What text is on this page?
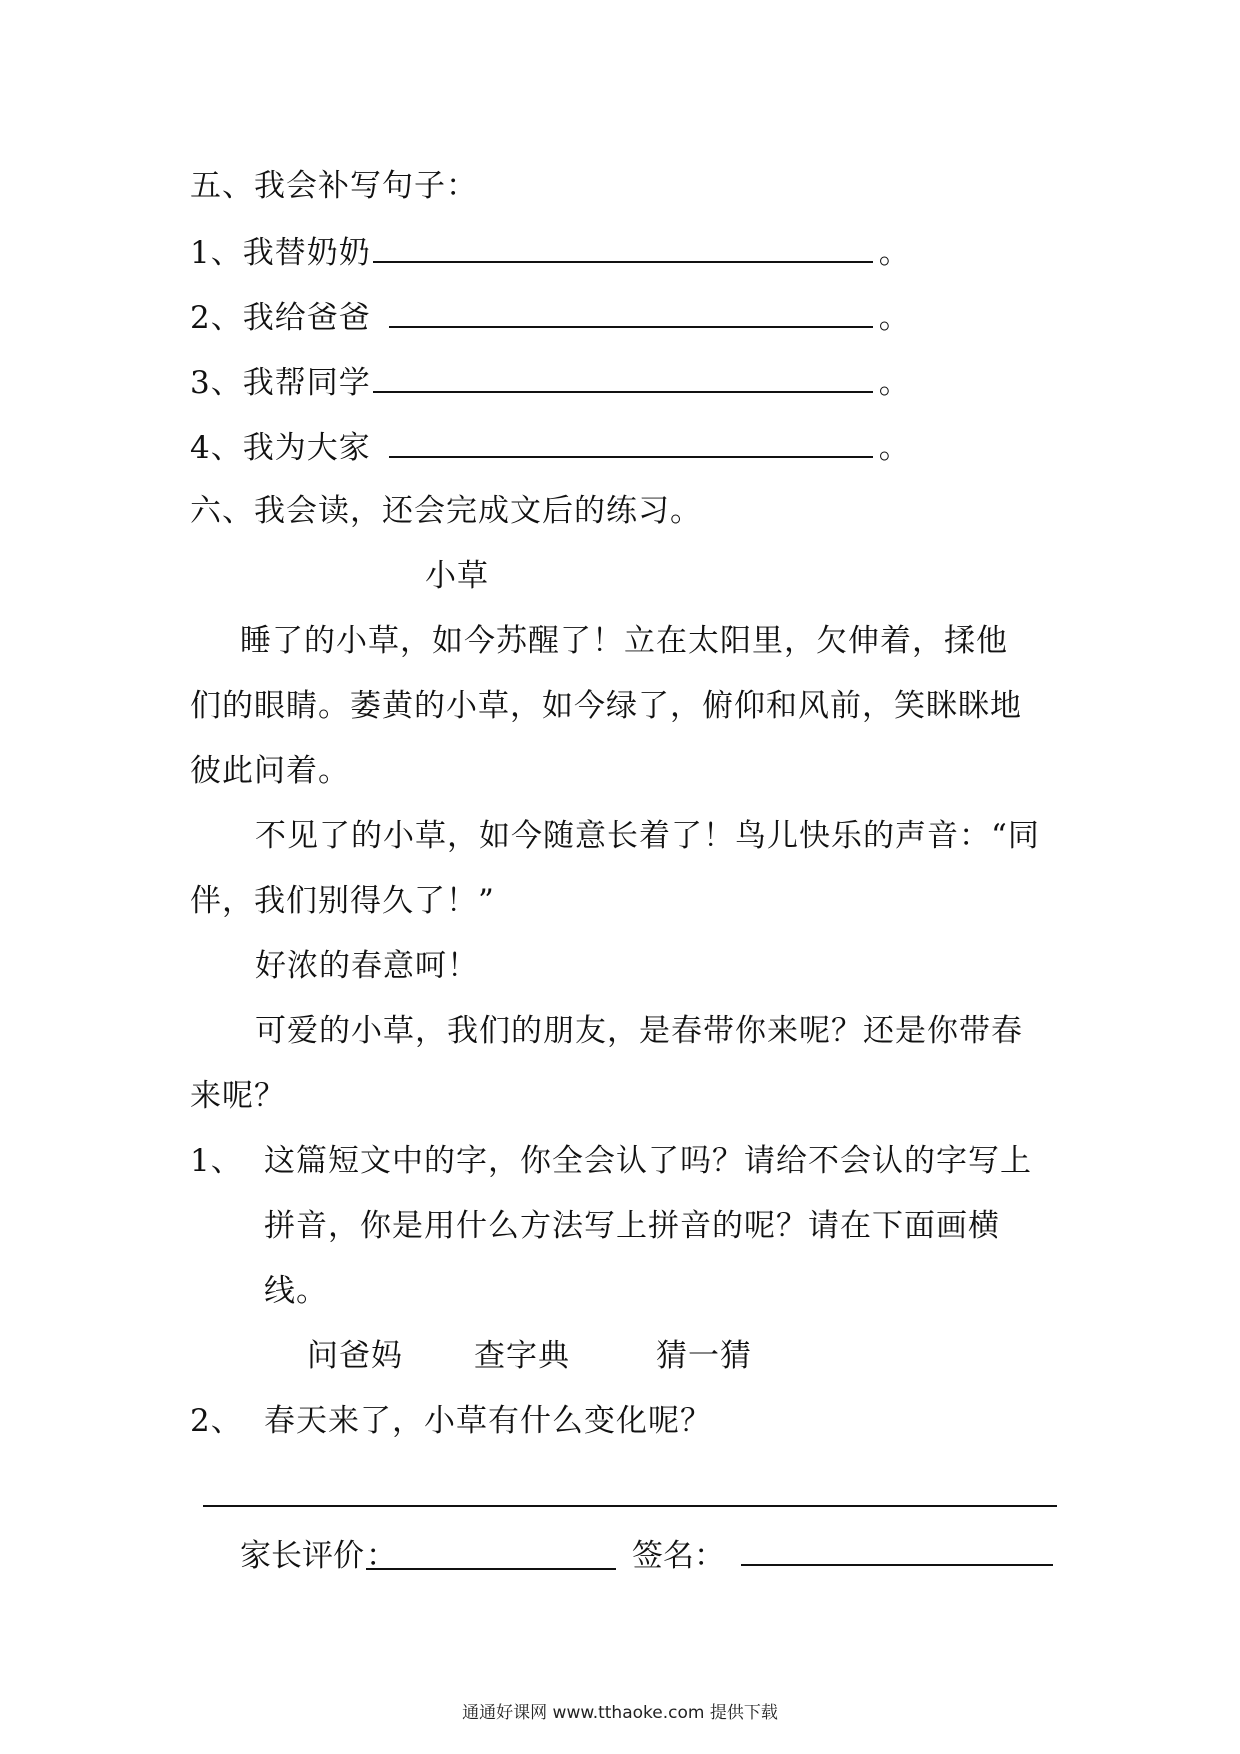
五、我会补写句子：
1、我替奶奶	。
2、我给爸爸	。
3、我帮同学	。
4、我为大家	。
六、我会读，还会完成文后的练习。
小草
睡了的小草，如今苏醒了！立在太阳里，欠伸着，揉他
们的眼睛。萎黄的小草，如今绿了，俯仰和风前，笑眯眯地
彼此问着。
不见了的小草，如今随意长着了！鸟儿快乐的声音：“同
伴，我们别得久了！”
好浓的春意呵！
可爱的小草，我们的朋友，是春带你来呢？还是你带春
来呢？
1、 这篇短文中的字，你全会认了吗？请给不会认的字写上
拼音，你是用什么方法写上拼音的呢？请在下面画横
线。
问爸妈 查字典	猜一猜
2、 春天来了，小草有什么变化呢？
家长评价：	签名：
通通好课网 www.tthaoke.com 提供下载
